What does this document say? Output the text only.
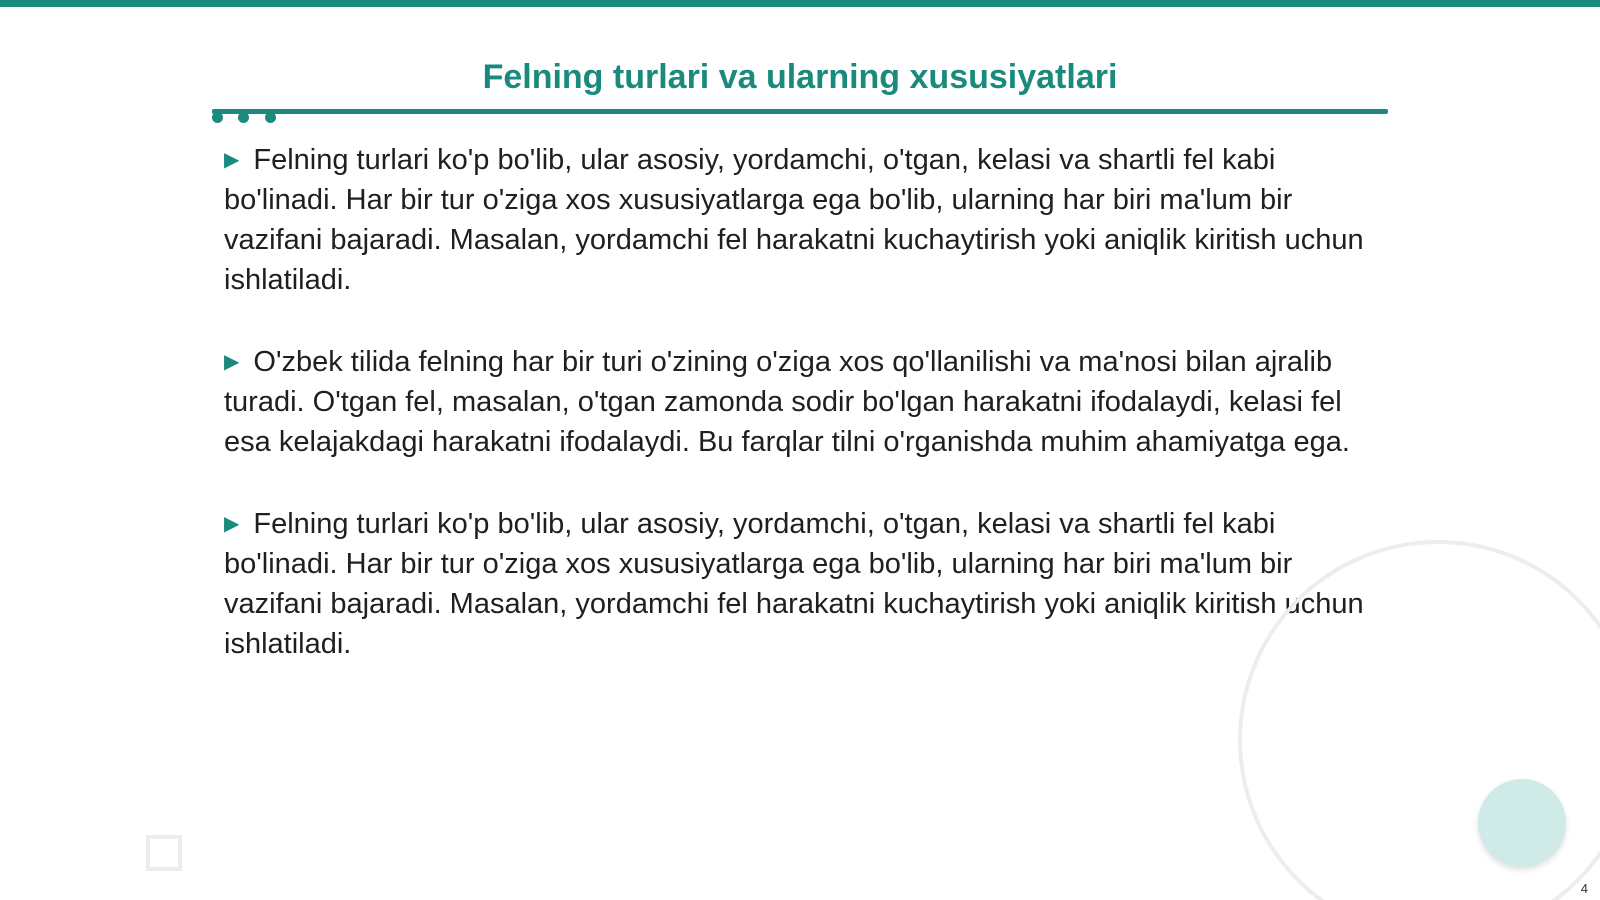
Felning turlari va ularning xususiyatlari

▶ Felning turlari ko'p bo'lib, ular asosiy, yordamchi, o'tgan, kelasi va shartli fel kabi bo'linadi. Har bir tur o'ziga xos xususiyatlarga ega bo'lib, ularning har biri ma'lum bir vazifani bajaradi. Masalan, yordamchi fel harakatni kuchaytirish yoki aniqlik kiritish uchun ishlatiladi.

▶ O'zbek tilida felning har bir turi o'zining o'ziga xos qo'llanilishi va ma'nosi bilan ajralib turadi. O'tgan fel, masalan, o'tgan zamonda sodir bo'lgan harakatni ifodalaydi, kelasi fel esa kelajakdagi harakatni ifodalaydi. Bu farqlar tilni o'rganishda muhim ahamiyatga ega.

▶ Felning turlari ko'p bo'lib, ular asosiy, yordamchi, o'tgan, kelasi va shartli fel kabi bo'linadi. Har bir tur o'ziga xos xususiyatlarga ega bo'lib, ularning har biri ma'lum bir vazifani bajaradi. Masalan, yordamchi fel harakatni kuchaytirish yoki aniqlik kiritish uchun ishlatiladi.

4
